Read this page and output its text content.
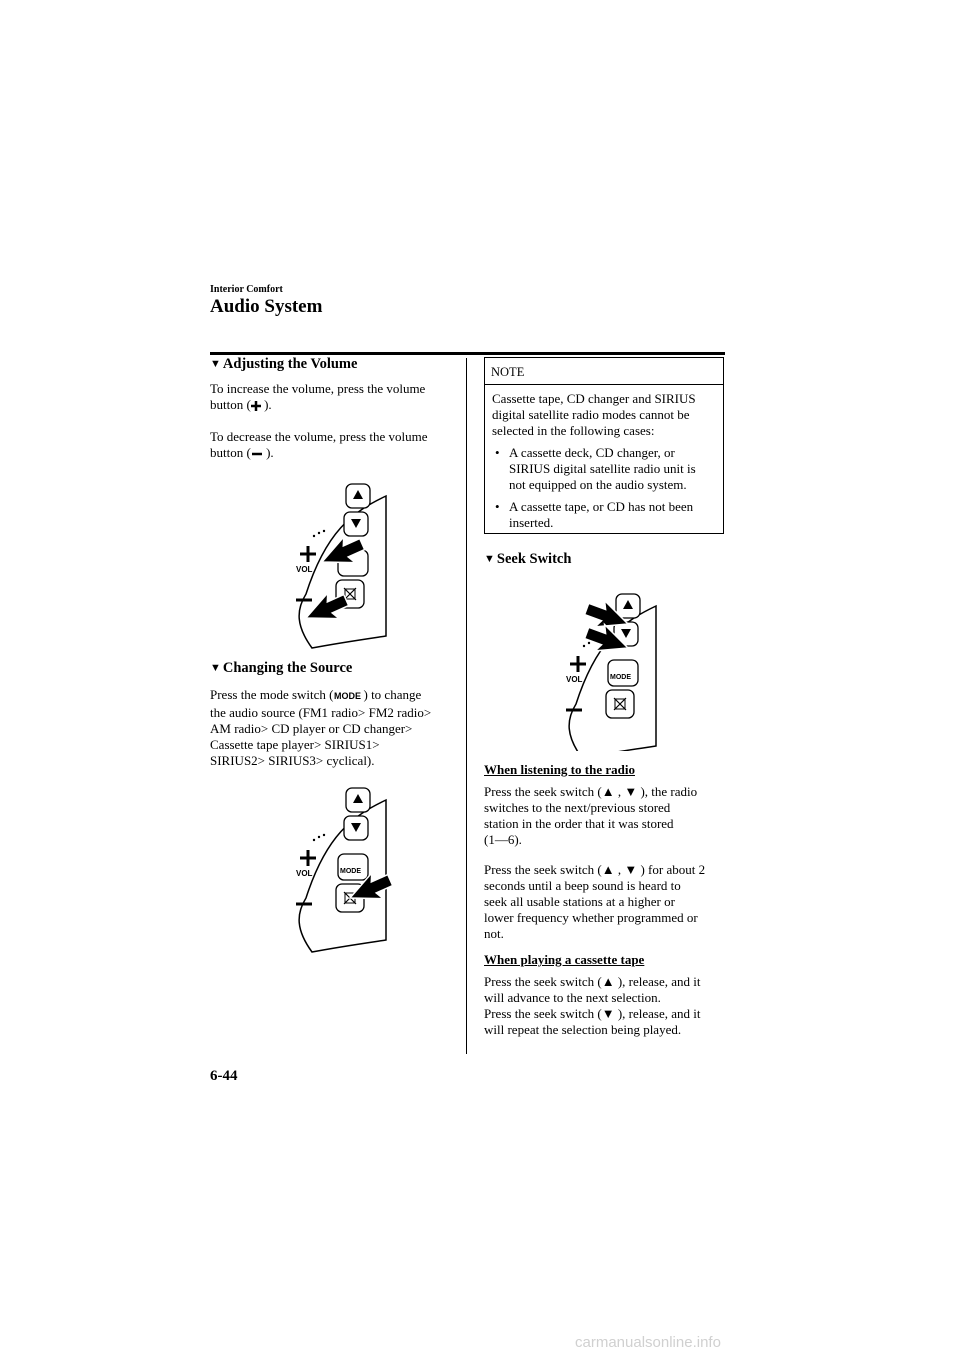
Interior Comfort
Audio System
▼ Adjusting the Volume

To increase the volume, press the volume

button ( ).

To decrease the volume, press the volume

button ( ).

VOL
▼ Changing the Source

Press the mode switch ( MODE ) to change

the audio source (FM1 radio> FM2 radio>

AM radio> CD player or CD changer>

Cassette tape player> SIRIUS1>

SIRIUS2> SIRIUS3> cyclical).

VOL	MODE
NOTE

Cassette tape, CD changer and SIRIUS

digital satellite radio modes cannot be

selected in the following cases:

• A cassette deck, CD changer, or

SIRIUS digital satellite radio unit is

not equipped on the audio system.

• A cassette tape, or CD has not been

inserted.

▼ Seek Switch
VOL	MODE

When listening to the radio

Press the seek switch (▲ , ▼ ), the radio

switches to the next/previous stored

station in the order that it was stored

(1―6).

Press the seek switch (▲ , ▼ ) for about 2

seconds until a beep sound is heard to

seek all usable stations at a higher or

lower frequency whether programmed or

not.

When playing a cassette tape

Press the seek switch (▲ ), release, and it

will advance to the next selection.

Press the seek switch (▼ ), release, and it

will repeat the selection being played.

6-44
carmanualsonline.info
